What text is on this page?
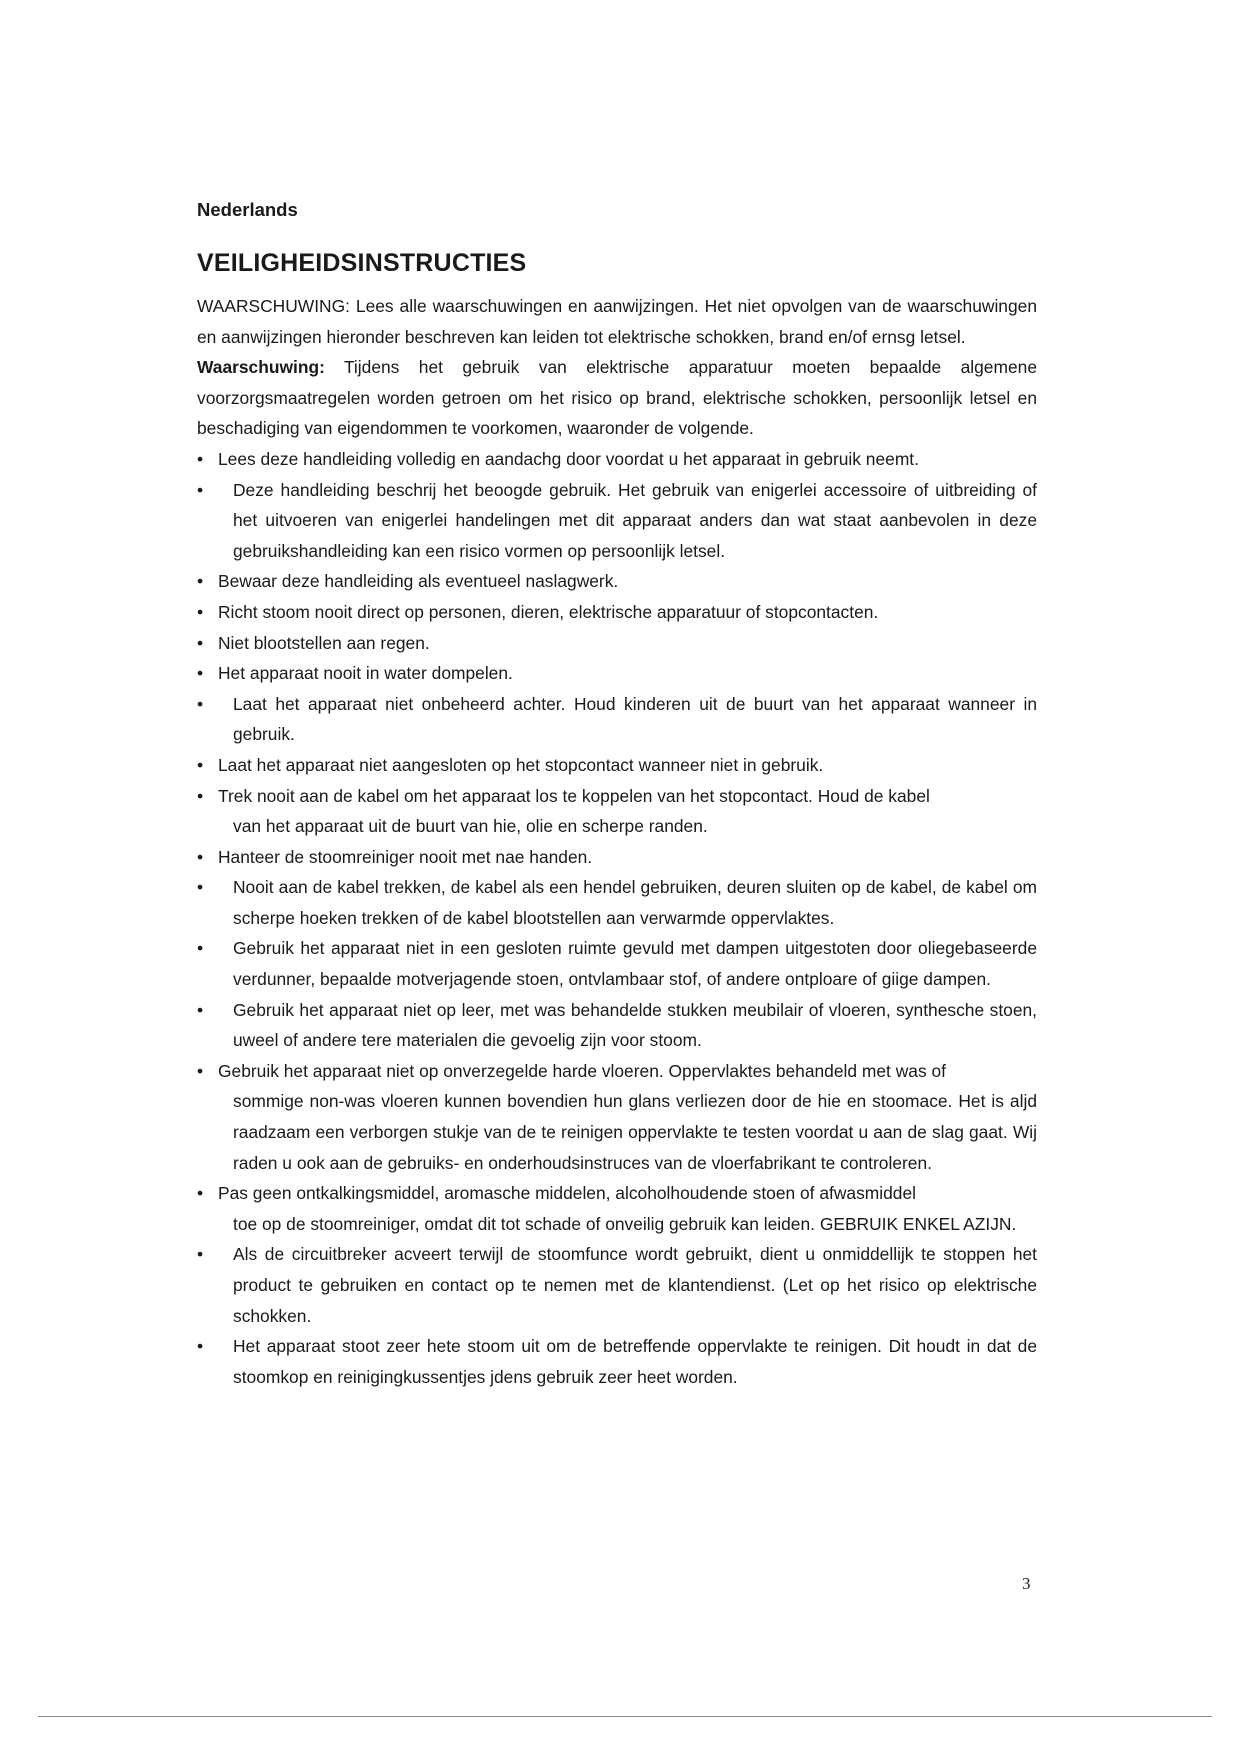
Nederlands
VEILIGHEIDSINSTRUCTIES

WAARSCHUWING: Lees alle waarschuwingen en aanwijzingen. Het niet opvolgen van de waarschuwingen en aanwijzingen hieronder beschreven kan leiden tot elektrische schokken, brand en/of ernsg letsel.

Waarschuwing: Tijdens het gebruik van elektrische apparatuur moeten bepaalde algemene voorzorgsmaatregelen worden getroen om het risico op brand, elektrische schokken, persoonlijk letsel en beschadiging van eigendommen te voorkomen, waaronder de volgende.

• Lees deze handleiding volledig en aandachg door voordat u het apparaat in gebruik neemt.
•	Deze handleiding beschrij het beoogde gebruik. Het gebruik van enigerlei accessoire of uitbreiding of het uitvoeren van enigerlei handelingen met dit apparaat anders dan wat staat aanbevolen in deze gebruikshandleiding kan een risico vormen op persoonlijk letsel.
• Bewaar deze handleiding als eventueel naslagwerk.
• Richt stoom nooit direct op personen, dieren, elektrische apparatuur of stopcontacten.
• Niet blootstellen aan regen.
• Het apparaat nooit in water dompelen.
•	Laat het apparaat niet onbeheerd achter. Houd kinderen uit de buurt van het apparaat wanneer in gebruik.
• Laat het apparaat niet aangesloten op het stopcontact wanneer niet in gebruik.
• Trek nooit aan de kabel om het apparaat los te koppelen van het stopcontact. Houd de kabel
van het apparaat uit de buurt van hie, olie en scherpe randen.
• Hanteer de stoomreiniger nooit met nae handen.
•	Nooit aan de kabel trekken, de kabel als een hendel gebruiken, deuren sluiten op de kabel, de kabel om scherpe hoeken trekken of de kabel blootstellen aan verwarmde oppervlaktes.
•	Gebruik het apparaat niet in een gesloten ruimte gevuld met dampen uitgestoten door oliegebaseerde verdunner, bepaalde motverjagende stoen, ontvlambaar stof, of andere ontploare of giige dampen.
•	Gebruik het apparaat niet op leer, met was behandelde stukken meubilair of vloeren, synthesche stoen, uweel of andere tere materialen die gevoelig zijn voor stoom.
• Gebruik het apparaat niet op onverzegelde harde vloeren. Oppervlaktes behandeld met was of
sommige non-was vloeren kunnen bovendien hun glans verliezen door de hie en stoomace. Het is aljd raadzaam een verborgen stukje van de te reinigen oppervlakte te testen voordat u aan de slag gaat. Wij raden u ook aan de gebruiks- en onderhoudsinstruces van de vloerfabrikant te controleren.
• Pas geen ontkalkingsmiddel, aromasche middelen, alcoholhoudende stoen of afwasmiddel
toe op de stoomreiniger, omdat dit tot schade of onveilig gebruik kan leiden. GEBRUIK ENKEL AZIJN.
•	Als de circuitbreker acveert terwijl de stoomfunce wordt gebruikt, dient u onmiddellijk te stoppen het product te gebruiken en contact op te nemen met de klantendienst. (Let op het risico op elektrische schokken.
•	Het apparaat stoot zeer hete stoom uit om de betreffende oppervlakte te reinigen. Dit houdt in dat de stoomkop en reinigingkussentjes jdens gebruik zeer heet worden.
3
